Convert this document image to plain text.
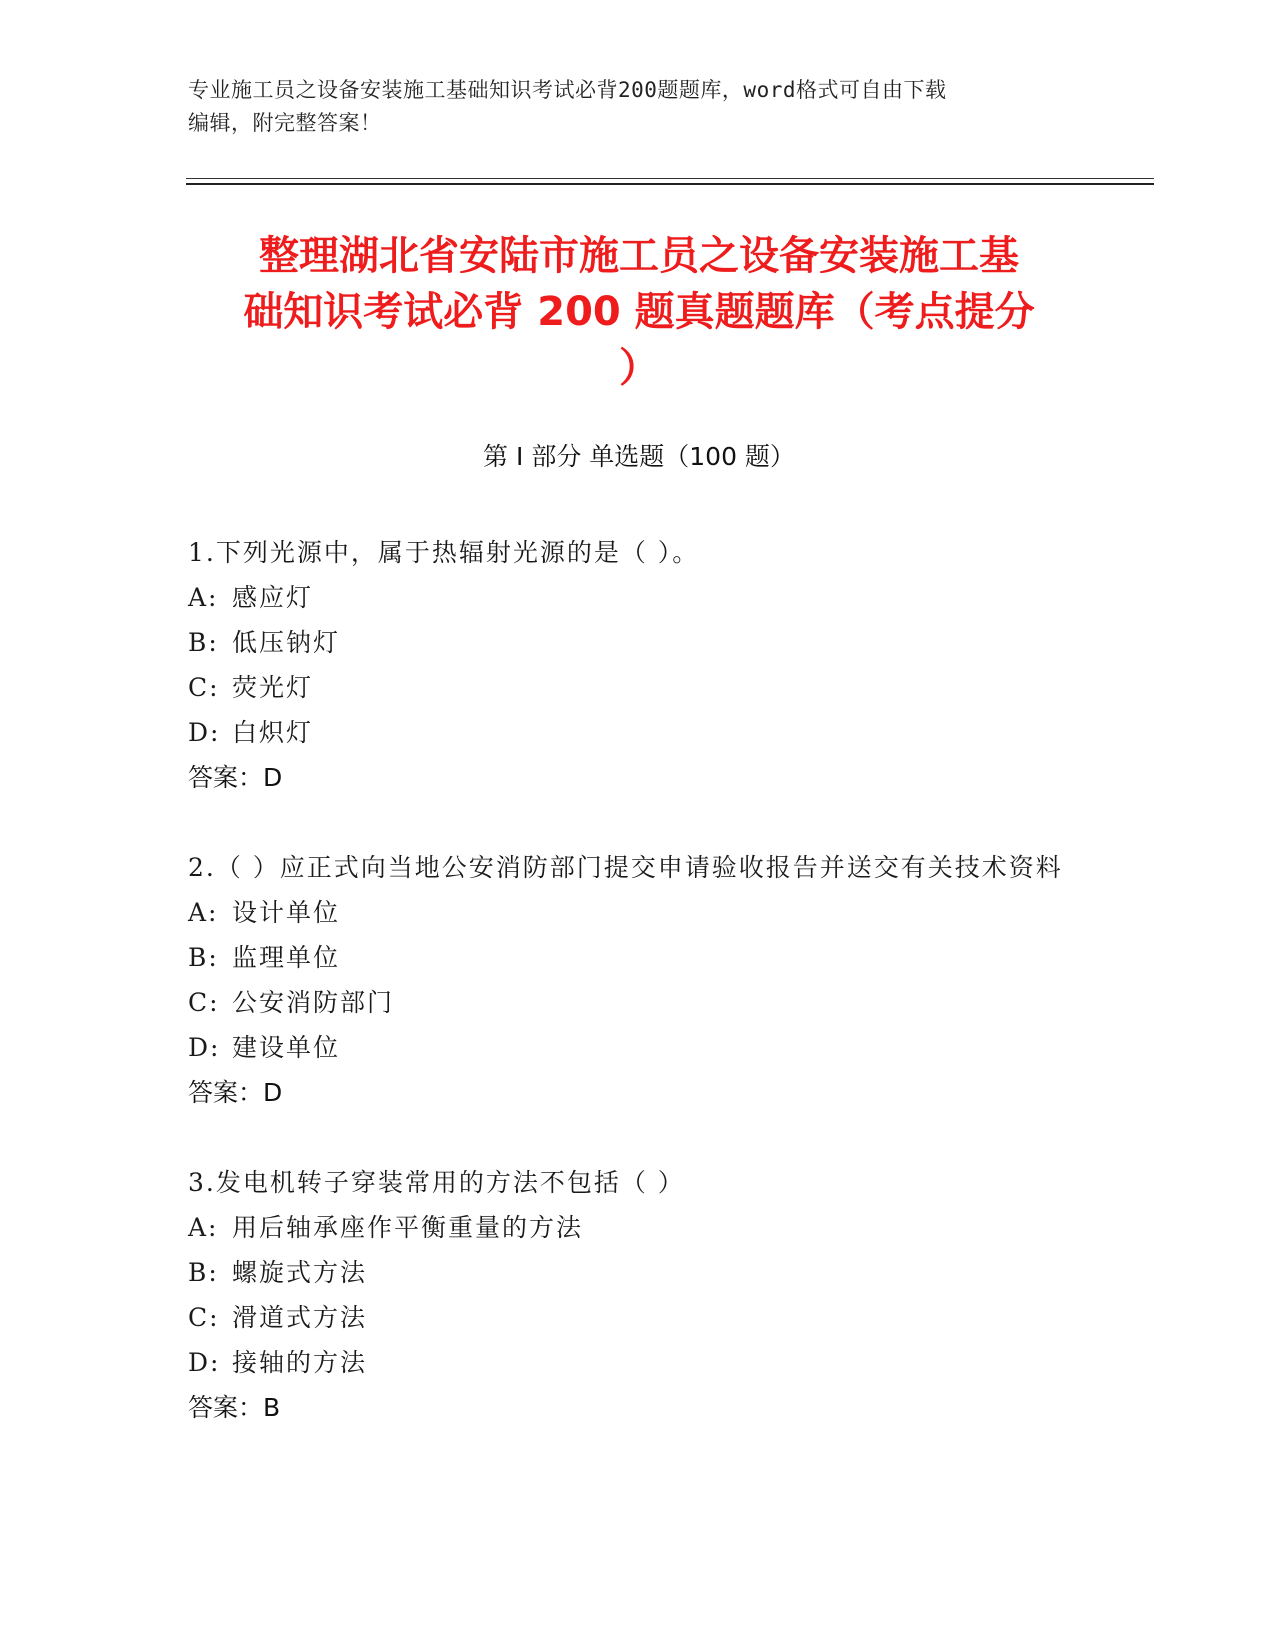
专业施工员之设备安装施工基础知识考试必背200题题库，word格式可自由下载
编辑，附完整答案！
整理湖北省安陆市施工员之设备安装施工基
础知识考试必背 200 题真题题库（考点提分
）
第 I 部分 单选题（100 题）
1.下列光源中，属于热辐射光源的是（ ）。
A: 感应灯
B: 低压钠灯
C: 荧光灯
D: 白炽灯
答案：D
2.（ ）应正式向当地公安消防部门提交申请验收报告并送交有关技术资料
A: 设计单位
B: 监理单位
C: 公安消防部门
D: 建设单位
答案：D
3.发电机转子穿装常用的方法不包括（ ）
A: 用后轴承座作平衡重量的方法
B: 螺旋式方法
C: 滑道式方法
D: 接轴的方法
答案：B
